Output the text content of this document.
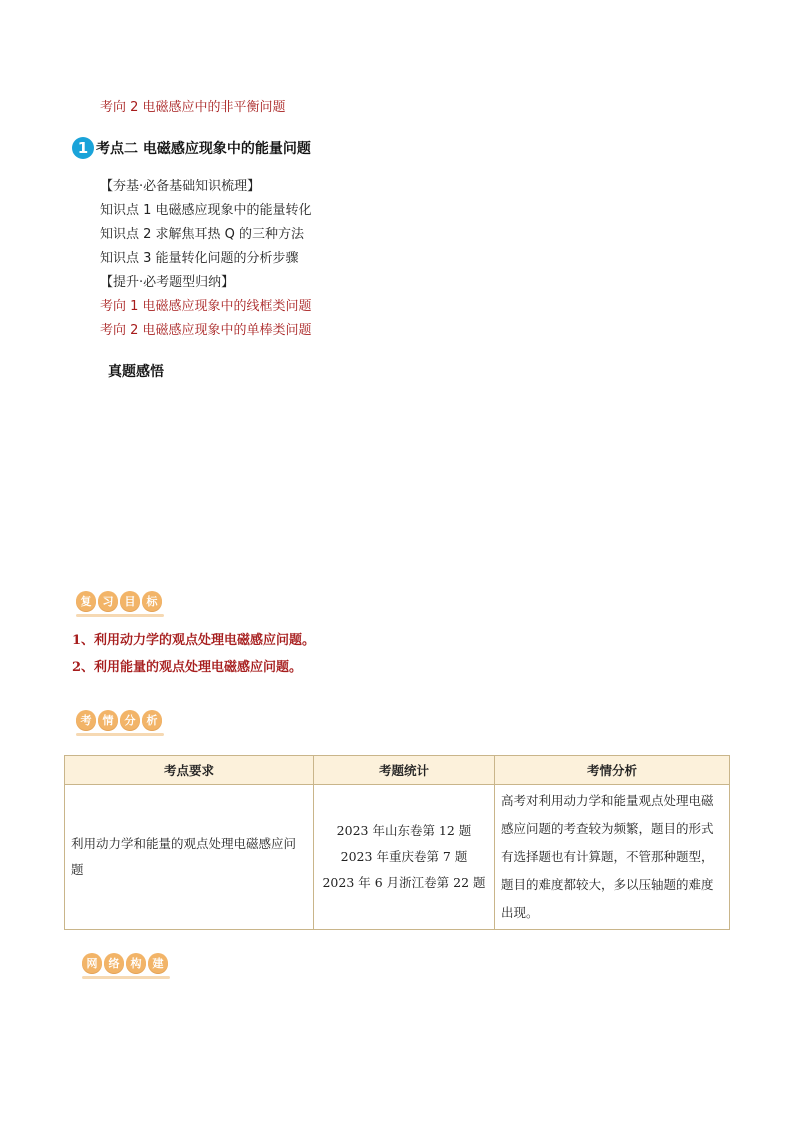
考向 2 电磁感应中的非平衡问题
1 考点二 电磁感应现象中的能量问题
【夯基·必备基础知识梳理】
知识点 1 电磁感应现象中的能量转化
知识点 2 求解焦耳热 Q 的三种方法
知识点 3 能量转化问题的分析步骤
【提升·必考题型归纳】
考向 1 电磁感应现象中的线框类问题
考向 2 电磁感应现象中的单棒类问题
真题感悟
复	习	目	标
1、利用动力学的观点处理电磁感应问题。
2、利用能量的观点处理电磁感应问题。
考	情	分	析
考点要求	考题统计	考情分析
利用动力学和能量的观点处理电磁感应问题	2023 年山东卷第 12 题
2023 年重庆卷第 7 题
2023 年 6 月浙江卷第 22 题	高考对利用动力学和能量观点处理电磁感应问题的考查较为频繁，题目的形式有选择题也有计算题，不管那种题型，题目的难度都较大，多以压轴题的难度出现。
网	络	构	建
